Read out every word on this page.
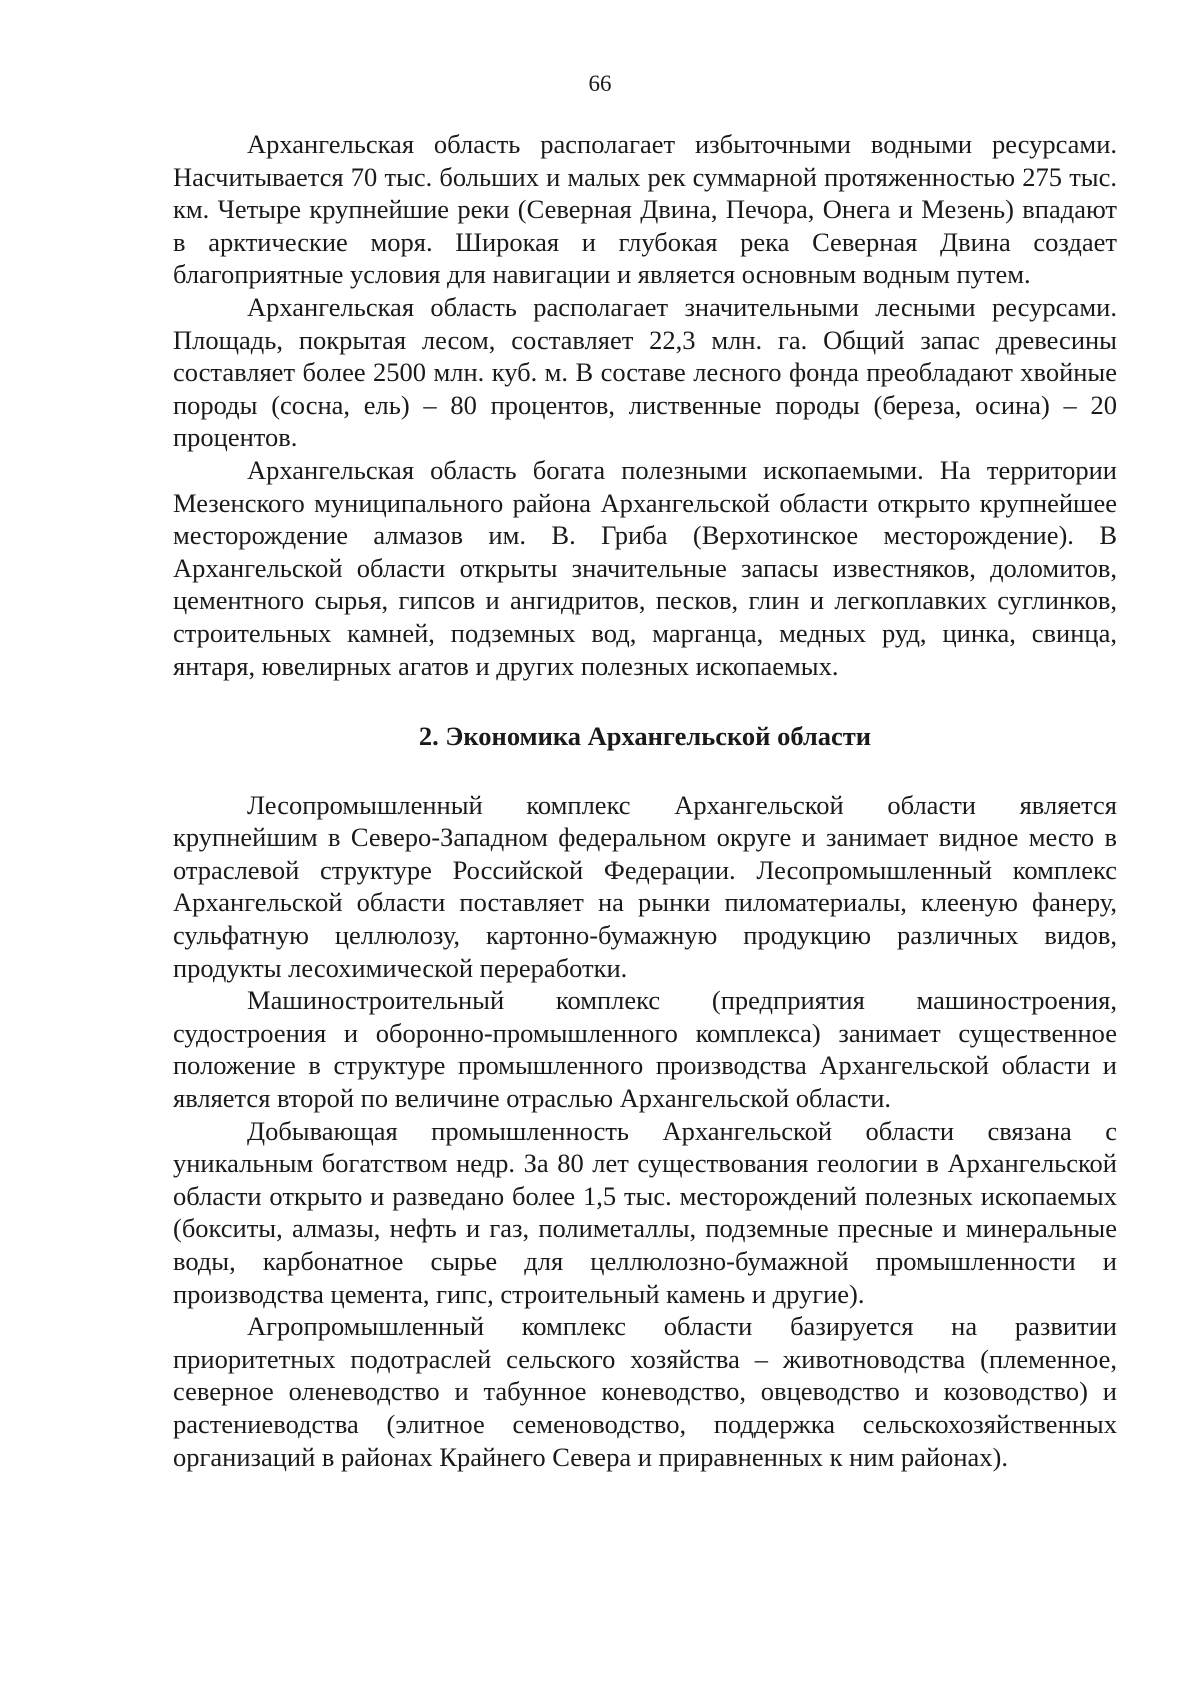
66

Архангельская область располагает избыточными водными ресурсами. Насчитывается 70 тыс. больших и малых рек суммарной протяженностью 275 тыс. км. Четыре крупнейшие реки (Северная Двина, Печора, Онега и Мезень) впадают в арктические моря. Широкая и глубокая река Северная Двина создает благоприятные условия для навигации и является основным водным путем.

Архангельская область располагает значительными лесными ресурсами. Площадь, покрытая лесом, составляет 22,3 млн. га. Общий запас древесины составляет более 2500 млн. куб. м. В составе лесного фонда преобладают хвойные породы (сосна, ель) – 80 процентов, лиственные породы (береза, осина) – 20 процентов.

Архангельская область богата полезными ископаемыми. На территории Мезенского муниципального района Архангельской области открыто крупнейшее месторождение алмазов им. В. Гриба (Верхотинское месторождение). В Архангельской области открыты значительные запасы известняков, доломитов, цементного сырья, гипсов и ангидритов, песков, глин и легкоплавких суглинков, строительных камней, подземных вод, марганца, медных руд, цинка, свинца, янтаря, ювелирных агатов и других полезных ископаемых.

2. Экономика Архангельской области

Лесопромышленный комплекс Архангельской области является крупнейшим в Северо-Западном федеральном округе и занимает видное место в отраслевой структуре Российской Федерации. Лесопромышленный комплекс Архангельской области поставляет на рынки пиломатериалы, клееную фанеру, сульфатную целлюлозу, картонно-бумажную продукцию различных видов, продукты лесохимической переработки.

Машиностроительный комплекс (предприятия машиностроения, судостроения и оборонно-промышленного комплекса) занимает существенное положение в структуре промышленного производства Архангельской области и является второй по величине отраслью Архангельской области.

Добывающая промышленность Архангельской области связана с уникальным богатством недр. За 80 лет существования геологии в Архангельской области открыто и разведано более 1,5 тыс. месторождений полезных ископаемых (бокситы, алмазы, нефть и газ, полиметаллы, подземные пресные и минеральные воды, карбонатное сырье для целлюлозно-бумажной промышленности и производства цемента, гипс, строительный камень и другие).

Агропромышленный комплекс области базируется на развитии приоритетных подотраслей сельского хозяйства – животноводства (племенное, северное оленеводство и табунное коневодство, овцеводство и козоводство) и растениеводства (элитное семеноводство, поддержка сельскохозяйственных организаций в районах Крайнего Севера и приравненных к ним районах).
